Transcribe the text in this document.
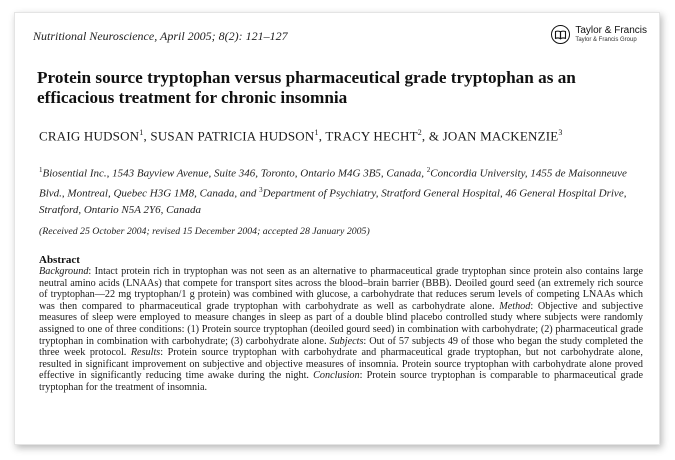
Nutritional Neuroscience, April 2005; 8(2): 121–127	Taylor & Francis
Taylor & Francis Group
Protein source tryptophan versus pharmaceutical grade tryptophan as an efficacious treatment for chronic insomnia
CRAIG HUDSON$^1$, SUSAN PATRICIA HUDSON$^1$, TRACY HECHT$^2$, & JOAN MACKENZIE$^3$
$^1$Biosential Inc., 1543 Bayview Avenue, Suite 346, Toronto, Ontario M4G 3B5, Canada, $^2$Concordia University, 1455 de Maisonneuve Blvd., Montreal, Quebec H3G 1M8, Canada, and $^3$Department of Psychiatry, Stratford General Hospital, 46 General Hospital Drive, Stratford, Ontario N5A 2Y6, Canada
(Received 25 October 2004; revised 15 December 2004; accepted 28 January 2005)
Abstract
Background: Intact protein rich in tryptophan was not seen as an alternative to pharmaceutical grade tryptophan since protein also contains large neutral amino acids (LNAAs) that compete for transport sites across the blood–brain barrier (BBB). Deoiled gourd seed (an extremely rich source of tryptophan—22 mg tryptophan/1 g protein) was combined with glucose, a carbohydrate that reduces serum levels of competing LNAAs which was then compared to pharmaceutical grade tryptophan with carbohydrate as well as carbohydrate alone. Method: Objective and subjective measures of sleep were employed to measure changes in sleep as part of a double blind placebo controlled study where subjects were randomly assigned to one of three conditions: (1) Protein source tryptophan (deoiled gourd seed) in combination with carbohydrate; (2) pharmaceutical grade tryptophan in combination with carbohydrate; (3) carbohydrate alone. Subjects: Out of 57 subjects 49 of those who began the study completed the three week protocol. Results: Protein source tryptophan with carbohydrate and pharmaceutical grade tryptophan, but not carbohydrate alone, resulted in significant improvement on subjective and objective measures of insomnia. Protein source tryptophan with carbohydrate alone proved effective in significantly reducing time awake during the night. Conclusion: Protein source tryptophan is comparable to pharmaceutical grade tryptophan for the treatment of insomnia.
